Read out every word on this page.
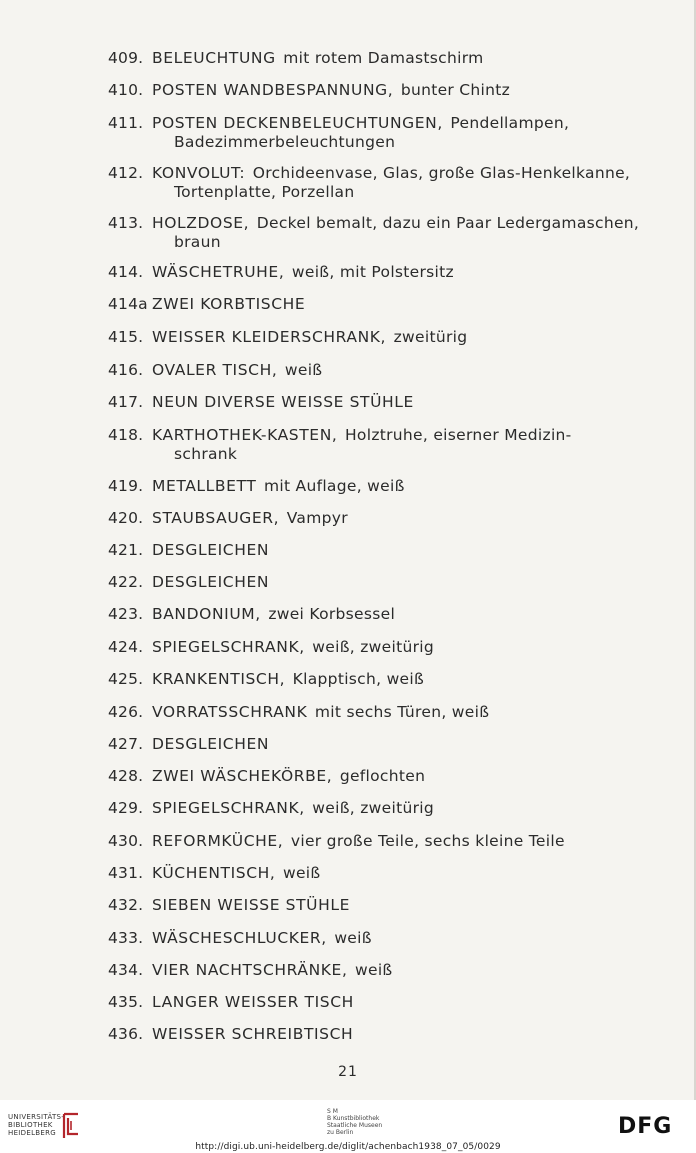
409. BELEUCHTUNG mit rotem Damastschirm
410. POSTEN WANDBESPANNUNG, bunter Chintz
411. POSTEN DECKENBELEUCHTUNGEN, Pendellampen,
Badezimmerbeleuchtungen
412. KONVOLUT: Orchideenvase, Glas, große Glas-Henkelkanne,
Tortenplatte, Porzellan
413. HOLZDOSE, Deckel bemalt, dazu ein Paar Ledergamaschen,
braun
414. WÄSCHETRUHE, weiß, mit Polstersitz
414a ZWEI KORBTISCHE
415. WEISSER KLEIDERSCHRANK, zweitürig
416. OVALER TISCH, weiß
417. NEUN DIVERSE WEISSE STÜHLE
418. KARTHOTHEK-KASTEN, Holztruhe, eiserner Medizin-
schrank
419. METALLBETT mit Auflage, weiß
420. STAUBSAUGER, Vampyr
421. DESGLEICHEN
422. DESGLEICHEN
423. BANDONIUM, zwei Korbsessel
424. SPIEGELSCHRANK, weiß, zweitürig
425. KRANKENTISCH, Klapptisch, weiß
426. VORRATSSCHRANK mit sechs Türen, weiß
427. DESGLEICHEN
428. ZWEI WÄSCHEKÖRBE, geflochten
429. SPIEGELSCHRANK, weiß, zweitürig
430. REFORMKÜCHE, vier große Teile, sechs kleine Teile
431. KÜCHENTISCH, weiß
432. SIEBEN WEISSE STÜHLE
433. WÄSCHESCHLUCKER, weiß
434. VIER NACHTSCHRÄNKE, weiß
435. LANGER WEISSER TISCH
436. WEISSER SCHREIBTISCH
21
UNIVERSITÄTS-
BIBLIOTHEK
HEIDELBERG
S M
B Kunstbibliothek
Staatliche Museen
zu Berlin	DFG
http://digi.ub.uni-heidelberg.de/diglit/achenbach1938_07_05/0029
